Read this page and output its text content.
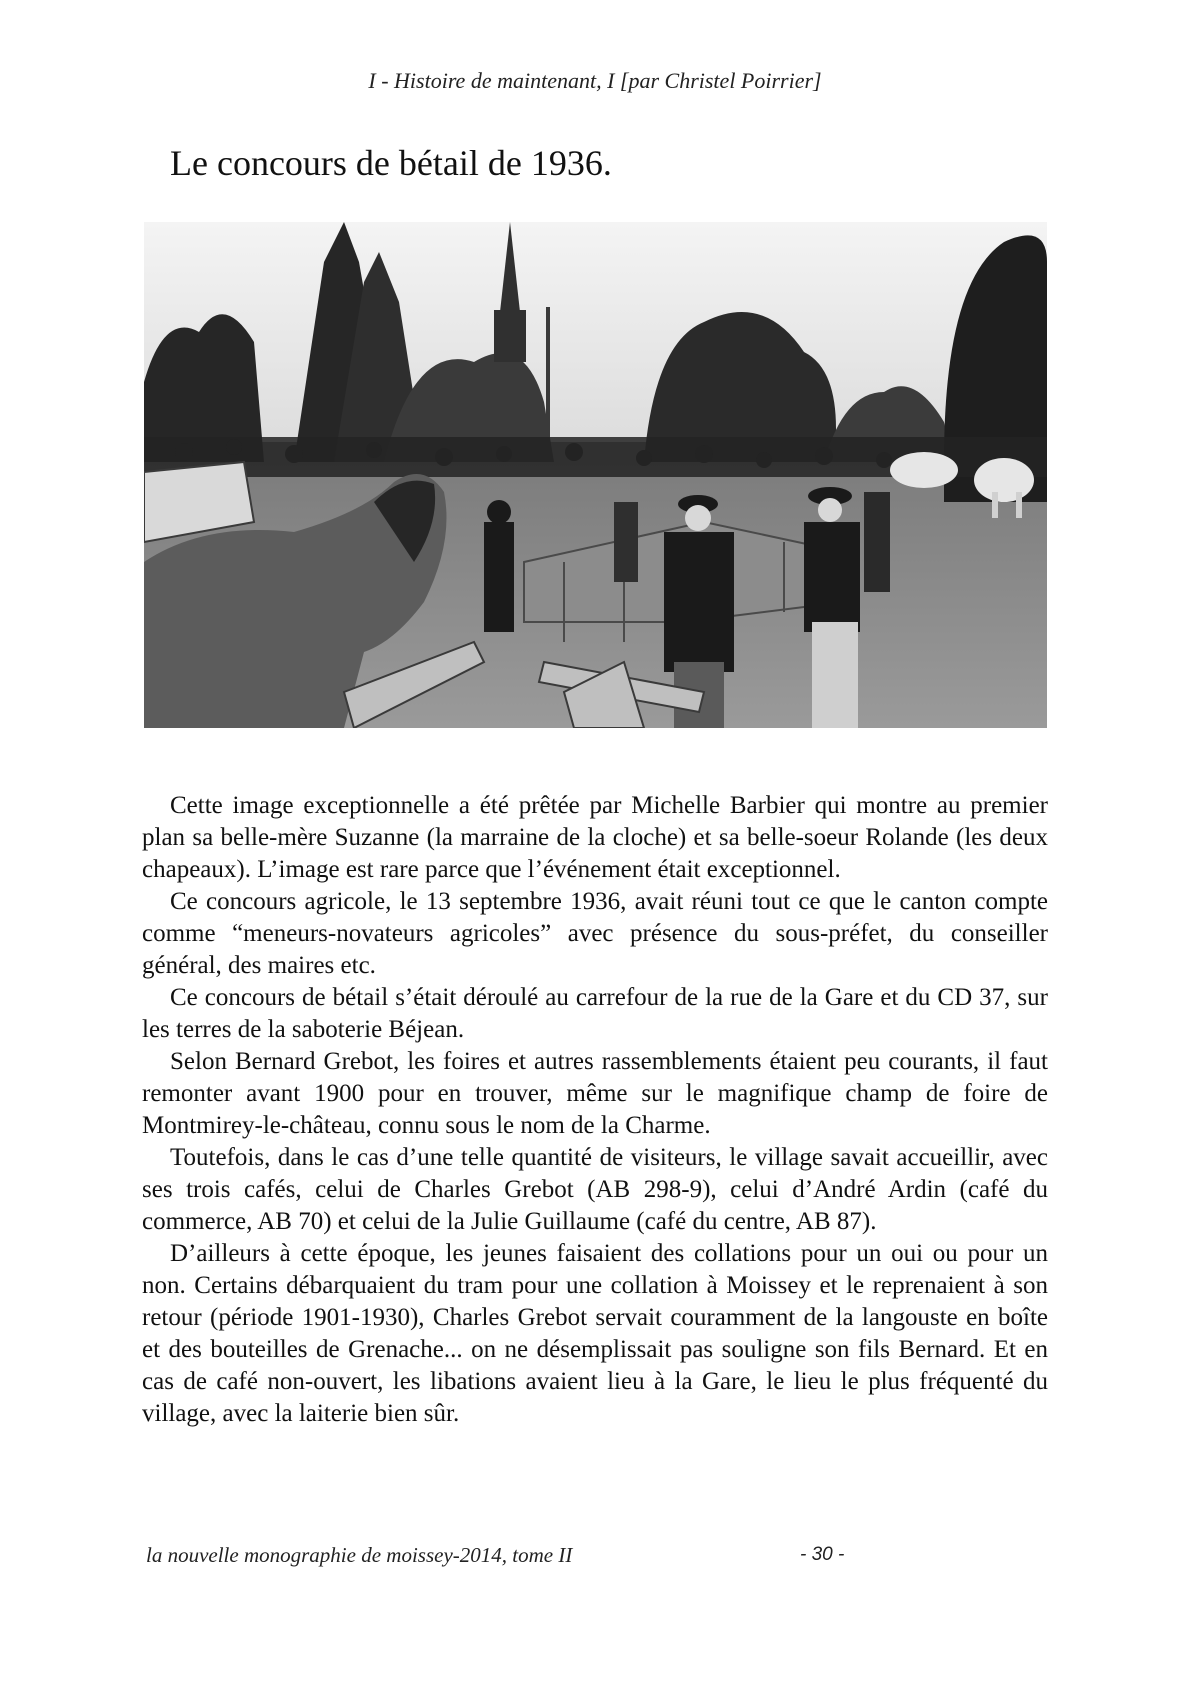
I - Histoire de maintenant, I [par Christel Poirrier]
Le concours de bétail de 1936.

Cette image exceptionnelle a été prêtée par Michelle Barbier qui montre au premier plan sa belle-mère Suzanne (la marraine de la cloche) et sa belle-soeur Rolande (les deux chapeaux). L’image est rare parce que l’événement était exceptionnel.

Ce concours agricole, le 13 septembre 1936, avait réuni tout ce que le canton compte comme “meneurs-novateurs agricoles” avec présence du sous-préfet, du conseiller général, des maires etc.

Ce concours de bétail s’était déroulé au carrefour de la rue de la Gare et du CD 37, sur les terres de la saboterie Béjean.

Selon Bernard Grebot, les foires et autres rassemblements étaient peu courants, il faut remonter avant 1900 pour en trouver, même sur le magnifique champ de foire de Montmirey-le-château, connu sous le nom de la Charme.

Toutefois, dans le cas d’une telle quantité de visiteurs, le village savait accueillir, avec ses trois cafés, celui de Charles Grebot (AB 298-9), celui d’André Ardin (café du commerce, AB 70) et celui de la Julie Guillaume (café du centre, AB 87).

D’ailleurs à cette époque, les jeunes faisaient des collations pour un oui ou pour un non. Certains débarquaient du tram pour une collation à Moissey et le reprenaient à son retour (période 1901-1930), Charles Grebot servait couramment de la langouste en boîte et des bouteilles de Grenache... on ne désemplissait pas souligne son fils Bernard. Et en cas de café non-ouvert, les libations avaient lieu à la Gare, le lieu le plus fréquenté du village, avec la laiterie bien sûr.

la nouvelle monographie de moissey-2014, tome II	- 30 -
